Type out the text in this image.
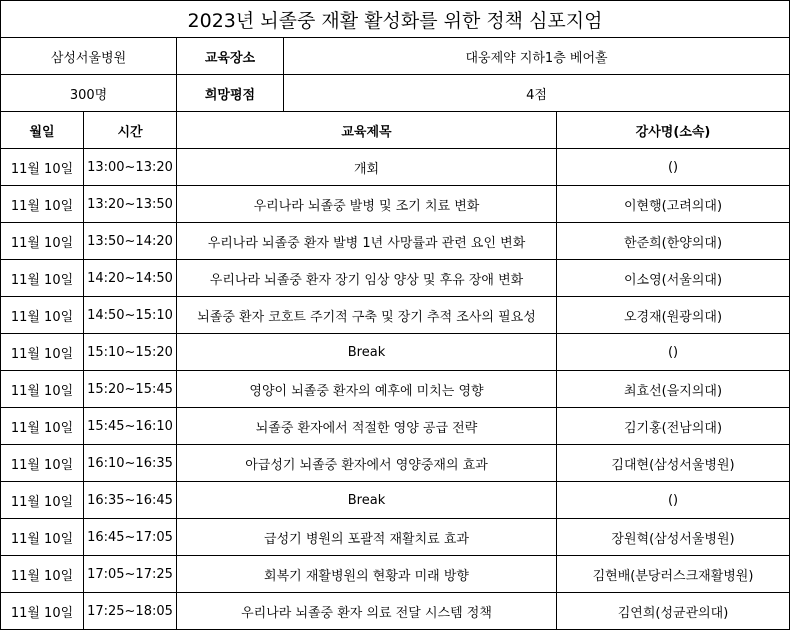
2023년 뇌졸중 재활 활성화를 위한 정책 심포지엄				
삼성서울병원		교육장소	대웅제약 지하1층 베어홀	
300명		희망평점	4점	
월일	시간	교육제목		강사명(소속)
11월 10일	13:00~13:20	개회		()
11월 10일	13:20~13:50	우리나라 뇌졸중 발병 및 조기 치료 변화		이현행(고려의대)
11월 10일	13:50~14:20	우리나라 뇌졸중 환자 발병 1년 사망률과 관련 요인 변화		한준희(한양의대)
11월 10일	14:20~14:50	우리나라 뇌졸중 환자 장기 임상 양상 및 후유 장애 변화		이소영(서울의대)
11월 10일	14:50~15:10	뇌졸중 환자 코호트 주기적 구축 및 장기 추적 조사의 필요성		오경재(원광의대)
11월 10일	15:10~15:20	Break		()
11월 10일	15:20~15:45	영양이 뇌졸중 환자의 예후에 미치는 영향		최효선(을지의대)
11월 10일	15:45~16:10	뇌졸중 환자에서 적절한 영양 공급 전략		김기홍(전남의대)
11월 10일	16:10~16:35	아급성기 뇌졸중 환자에서 영양중재의 효과		김대현(삼성서울병원)
11월 10일	16:35~16:45	Break		()
11월 10일	16:45~17:05	급성기 병원의 포괄적 재활치료 효과		장원혁(삼성서울병원)
11월 10일	17:05~17:25	회복기 재활병원의 현황과 미래 방향		김현배(분당러스크재활병원)
11월 10일	17:25~18:05	우리나라 뇌졸중 환자 의료 전달 시스템 정책		김연희(성균관의대)
